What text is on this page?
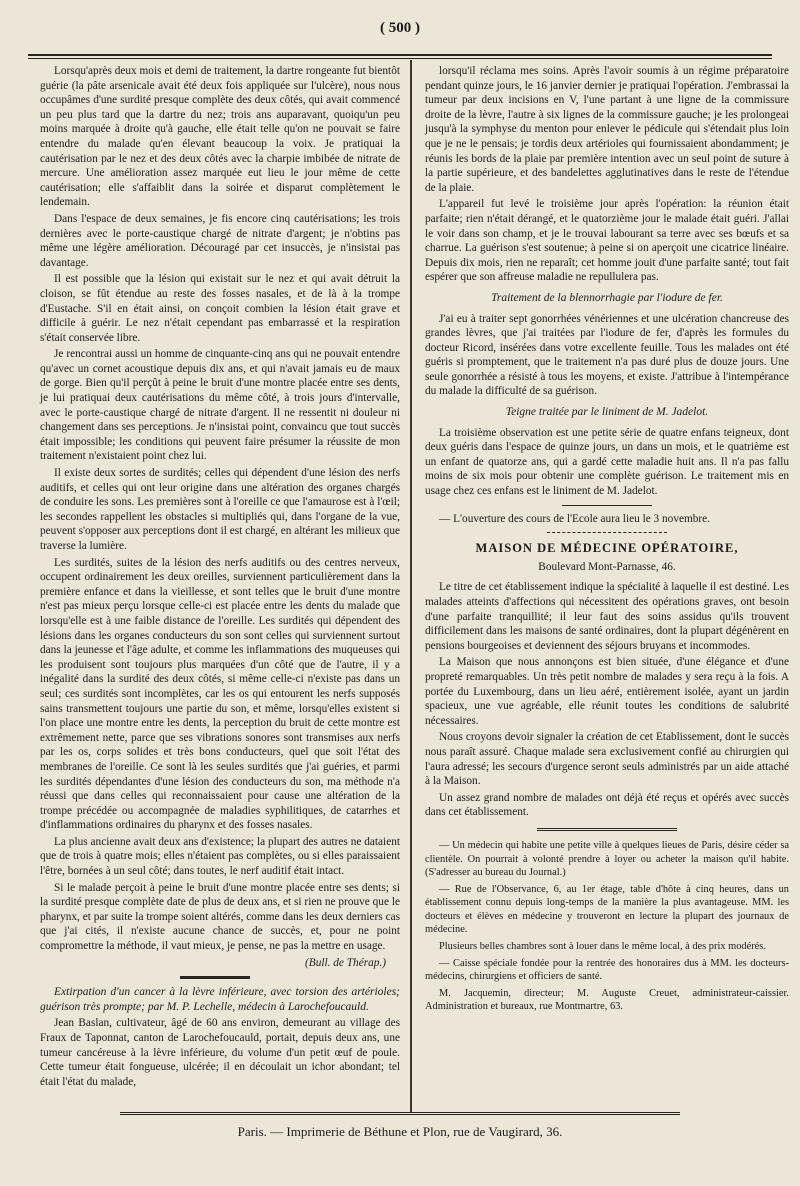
( 500 )

Lorsqu'après deux mois et demi de traitement, la dartre rongeante fut bientôt guérie (la pâte arsenicale avait été deux fois appliquée sur l'ulcère), nous nous occupâmes d'une surdité presque complète des deux côtés, qui avait commencé un peu plus tard que la dartre du nez; trois ans auparavant, quoiqu'un peu moins marquée à droite qu'à gauche, elle était telle qu'on ne pouvait se faire entendre du malade qu'en élevant beaucoup la voix. Je pratiquai la cautérisation par le nez et des deux côtés avec la charpie imbibée de nitrate de mercure. Une amélioration assez marquée eut lieu le jour même de cette cautérisation; elle s'affaiblit dans la soirée et disparut complètement le lendemain.

Dans l'espace de deux semaines, je fis encore cinq cautérisations; les trois dernières avec le porte-caustique chargé de nitrate d'argent; je n'obtins pas même une légère amélioration. Découragé par cet insuccès, je n'insistai pas davantage.

Il est possible que la lésion qui existait sur le nez et qui avait détruit la cloison, se fût étendue au reste des fosses nasales, et de là à la trompe d'Eustache. S'il en était ainsi, on conçoit combien la lésion était grave et difficile à guérir. Le nez n'était cependant pas embarrassé et la respiration s'était conservée libre.

Je rencontrai aussi un homme de cinquante-cinq ans qui ne pouvait entendre qu'avec un cornet acoustique depuis dix ans, et qui n'avait jamais eu de maux de gorge. Bien qu'il perçût à peine le bruit d'une montre placée entre ses dents, je lui pratiquai deux cautérisations du même côté, à trois jours d'intervalle, avec le porte-caustique chargé de nitrate d'argent. Il ne ressentit ni douleur ni changement dans ses perceptions. Je n'insistai point, convaincu que tout succès était impossible; les conditions qui peuvent faire présumer la réussite de mon traitement n'existaient point chez lui.

Il existe deux sortes de surdités; celles qui dépendent d'une lésion des nerfs auditifs, et celles qui ont leur origine dans une altération des organes chargés de conduire les sons. Les premières sont à l'oreille ce que l'amaurose est à l'œil; les secondes rappellent les obstacles si multipliés qui, dans l'organe de la vue, peuvent s'opposer aux perceptions dont il est chargé, en altérant les milieux que traverse la lumière.

Les surdités, suites de la lésion des nerfs auditifs ou des centres nerveux, occupent ordinairement les deux oreilles, surviennent particulièrement dans la première enfance et dans la vieillesse, et sont telles que le bruit d'une montre n'est pas mieux perçu lorsque celle-ci est placée entre les dents du malade que lorsqu'elle est à une faible distance de l'oreille. Les surdités qui dépendent des lésions dans les organes conducteurs du son sont celles qui surviennent surtout dans la jeunesse et l'âge adulte, et comme les inflammations des muqueuses qui les produisent sont toujours plus marquées d'un côté que de l'autre, il y a inégalité dans la surdité des deux côtés, si même celle-ci n'existe pas dans un seul; ces surdités sont incomplètes, car les os qui entourent les nerfs supposés sains transmettent toujours une partie du son, et même, lorsqu'elles existent si l'on place une montre entre les dents, la perception du bruit de cette montre est extrêmement nette, parce que ses vibrations sonores sont transmises aux nerfs par les os, corps solides et très bons conducteurs, quel que soit l'état des membranes de l'oreille. Ce sont là les seules surdités que j'ai guéries, et parmi les surdités dépendantes d'une lésion des conducteurs du son, ma méthode n'a réussi que dans celles qui reconnaissaient pour cause une altération de la trompe précédée ou accompagnée de maladies syphilitiques, de catarrhes et d'inflammations ordinaires du pharynx et des fosses nasales.

La plus ancienne avait deux ans d'existence; la plupart des autres ne dataient que de trois à quatre mois; elles n'étaient pas complètes, ou si elles paraissaient l'être, bornées à un seul côté; dans toutes, le nerf auditif était intact.

Si le malade perçoit à peine le bruit d'une montre placée entre ses dents; si la surdité presque complète date de plus de deux ans, et si rien ne prouve que le pharynx, et par suite la trompe soient altérés, comme dans les deux derniers cas que j'ai cités, il n'existe aucune chance de succès, et, pour ne point compromettre la méthode, il vaut mieux, je pense, ne pas la mettre en usage.

(Bull. de Thérap.)

Extirpation d'un cancer à la lèvre inférieure, avec torsion des artérioles; guérison très prompte; par M. P. Lechelle, médecin à Larochefoucauld.

Jean Baslan, cultivateur, âgé de 60 ans environ, demeurant au village des Fraux de Taponnat, canton de Larochefoucauld, portait, depuis deux ans, une tumeur cancéreuse à la lèvre inférieure, du volume d'un petit œuf de poule. Cette tumeur était fongueuse, ulcérée; il en découlait un ichor abondant; tel était l'état du malade,

lorsqu'il réclama mes soins. Après l'avoir soumis à un régime préparatoire pendant quinze jours, le 16 janvier dernier je pratiquai l'opération. J'embrassai la tumeur par deux incisions en V, l'une partant à une ligne de la commissure droite de la lèvre, l'autre à six lignes de la commissure gauche; je les prolongeai jusqu'à la symphyse du menton pour enlever le pédicule qui s'étendait plus loin que je ne le pensais; je tordis deux artérioles qui fournissaient abondamment; je réunis les bords de la plaie par première intention avec un seul point de suture à la partie supérieure, et des bandelettes agglutinatives dans le reste de l'étendue de la plaie.

L'appareil fut levé le troisième jour après l'opération: la réunion était parfaite; rien n'était dérangé, et le quatorzième jour le malade était guéri. J'allai le voir dans son champ, et je le trouvai labourant sa terre avec ses bœufs et sa charrue. La guérison s'est soutenue; à peine si on aperçoit une cicatrice linéaire. Depuis dix mois, rien ne reparaît; cet homme jouit d'une parfaite santé; tout fait espérer que son affreuse maladie ne repullulera pas.

Traitement de la blennorrhagie par l'iodure de fer.

J'ai eu à traiter sept gonorrhées vénériennes et une ulcération chancreuse des grandes lèvres, que j'ai traitées par l'iodure de fer, d'après les formules du docteur Ricord, insérées dans votre excellente feuille. Tous les malades ont été guéris si promptement, que le traitement n'a pas duré plus de douze jours. Une seule gonorrhée a résisté à tous les moyens, et existe. J'attribue à l'intempérance du malade la difficulté de sa guérison.

Teigne traitée par le liniment de M. Jadelot.

La troisième observation est une petite série de quatre enfans teigneux, dont deux guéris dans l'espace de quinze jours, un dans un mois, et le quatrième est un enfant de quatorze ans, qui a gardé cette maladie huit ans. Il n'a pas fallu moins de six mois pour obtenir une complète guérison. Le traitement mis en usage chez ces enfans est le liniment de M. Jadelot.

— L'ouverture des cours de l'Ecole aura lieu le 3 novembre.

MAISON DE MÉDECINE OPÉRATOIRE,
Boulevard Mont-Parnasse, 46.

Le titre de cet établissement indique la spécialité à laquelle il est destiné. Les malades atteints d'affections qui nécessitent des opérations graves, ont besoin d'une parfaite tranquillité; il leur faut des soins assidus qu'ils trouvent difficilement dans les maisons de santé ordinaires, dont la plupart dégénèrent en pensions bourgeoises et deviennent des séjours bruyans et incommodes.

La Maison que nous annonçons est bien située, d'une élégance et d'une propreté remarquables. Un très petit nombre de malades y sera reçu à la fois. A portée du Luxembourg, dans un lieu aéré, entièrement isolée, ayant un jardin spacieux, une vue agréable, elle réunit toutes les conditions de salubrité nécessaires.

Nous croyons devoir signaler la création de cet Etablissement, dont le succès nous paraît assuré. Chaque malade sera exclusivement confié au chirurgien qui l'aura adressé; les secours d'urgence seront seuls administrés par un aide attaché à la Maison.

Un assez grand nombre de malades ont déjà été reçus et opérés avec succès dans cet établissement.

— Un médecin qui habite une petite ville à quelques lieues de Paris, désire céder sa clientèle. On pourrait à volonté prendre à loyer ou acheter la maison qu'il habite. (S'adresser au bureau du Journal.)

— Rue de l'Observance, 6, au 1er étage, table d'hôte à cinq heures, dans un établissement connu depuis long-temps de la manière la plus avantageuse. MM. les docteurs et élèves en médecine y trouveront en lecture la plupart des journaux de médecine.

Plusieurs belles chambres sont à louer dans le même local, à des prix modérés.

— Caisse spéciale fondée pour la rentrée des honoraires dus à MM. les docteurs-médecins, chirurgiens et officiers de santé.

M. Jacquemin, directeur; M. Auguste Creuet, administrateur-caissier. Administration et bureaux, rue Montmartre, 63.

Paris. — Imprimerie de Béthune et Plon, rue de Vaugirard, 36.
